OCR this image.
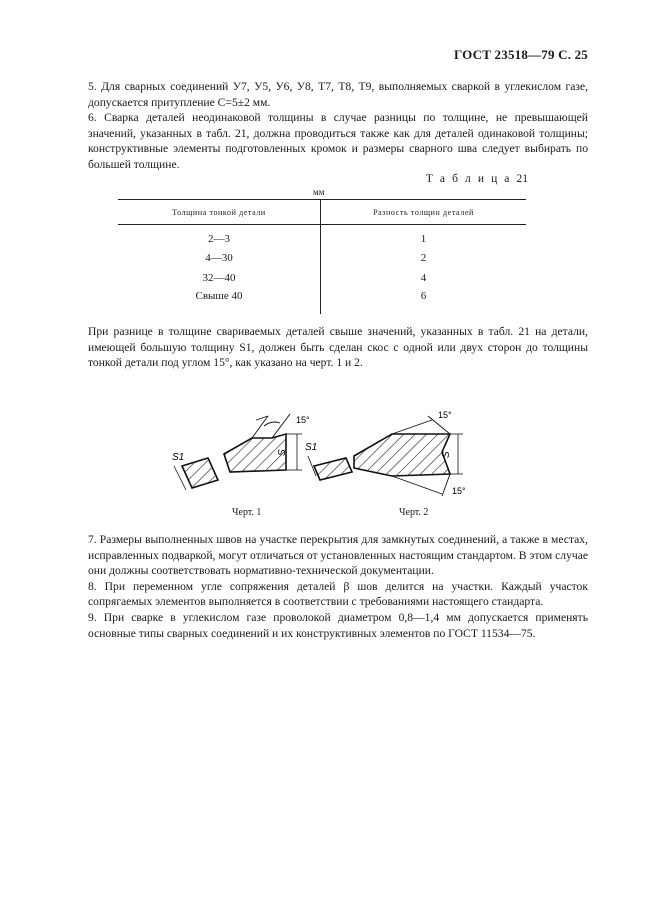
ГОСТ 23518—79 С. 25

5. Для сварных соединений У7, У5, У6, У8, Т7, Т8, Т9, выполняемых сваркой в углекислом газе, допускается притупление C=5±2 мм.

6. Сварка деталей неодинаковой толщины в случае разницы по толщине, не превышающей значений, указанных в табл. 21, должна проводиться также как для деталей одинаковой толщины; конструктивные элементы подготовленных кромок и размеры сварного шва следует выбирать по большей толщине.

Т а б л и ц а 21
мм
Толщина тонкой детали	Разность толщин деталей
2—3	1
4—30	2
32—40	4
Свыше 40	6

При разнице в толщине свариваемых деталей свыше значений, указанных в табл. 21 на детали, имеющей большую толщину S1, должен быть сделан скос с одной или двух сторон до толщины тонкой детали под углом 15°, как указано на черт. 1 и 2.

15°
S
S1
15°
15°
S
S1
Черт. 1	Черт. 2

7. Размеры выполненных швов на участке перекрытия для замкнутых соединений, а также в местах, исправленных подваркой, могут отличаться от установленных настоящим стандартом. В этом случае они должны соответствовать нормативно-технической документации.

8. При переменном угле сопряжения деталей β шов делится на участки. Каждый участок сопрягаемых элементов выполняется в соответствии с требованиями настоящего стандарта.

9. При сварке в углекислом газе проволокой диаметром 0,8—1,4 мм допускается применять основные типы сварных соединений и их конструктивных элементов по ГОСТ 11534—75.
